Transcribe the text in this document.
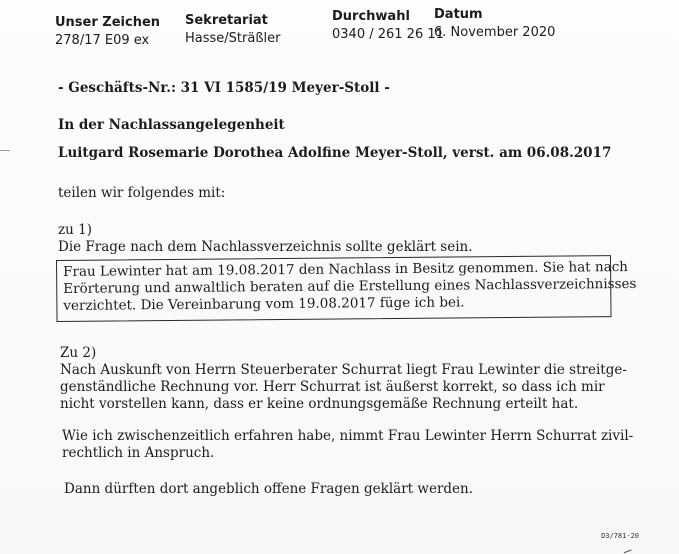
Unser Zeichen
278/17 E09 ex
Sekretariat
Hasse/Sträßler
Durchwahl
0340 / 261 26 11
Datum
6. November 2020
- Geschäfts-Nr.: 31 VI 1585/19 Meyer-Stoll -
In der Nachlassangelegenheit
Luitgard Rosemarie Dorothea Adolfine Meyer-Stoll, verst. am 06.08.2017
teilen wir folgendes mit:
zu 1)
Die Frage nach dem Nachlassverzeichnis sollte geklärt sein.
Frau Lewinter hat am 19.08.2017 den Nachlass in Besitz genommen. Sie hat nach
Erörterung und anwaltlich beraten auf die Erstellung eines Nachlassverzeichnisses
verzichtet. Die Vereinbarung vom 19.08.2017 füge ich bei.
Zu 2)
Nach Auskunft von Herrn Steuerberater Schurrat liegt Frau Lewinter die streitge-
genständliche Rechnung vor. Herr Schurrat ist äußerst korrekt, so dass ich mir
nicht vorstellen kann, dass er keine ordnungsgemäße Rechnung erteilt hat.
Wie ich zwischenzeitlich erfahren habe, nimmt Frau Lewinter Herrn Schurrat zivil-
rechtlich in Anspruch.
Dann dürften dort angeblich offene Fragen geklärt werden.
D3/781-20
